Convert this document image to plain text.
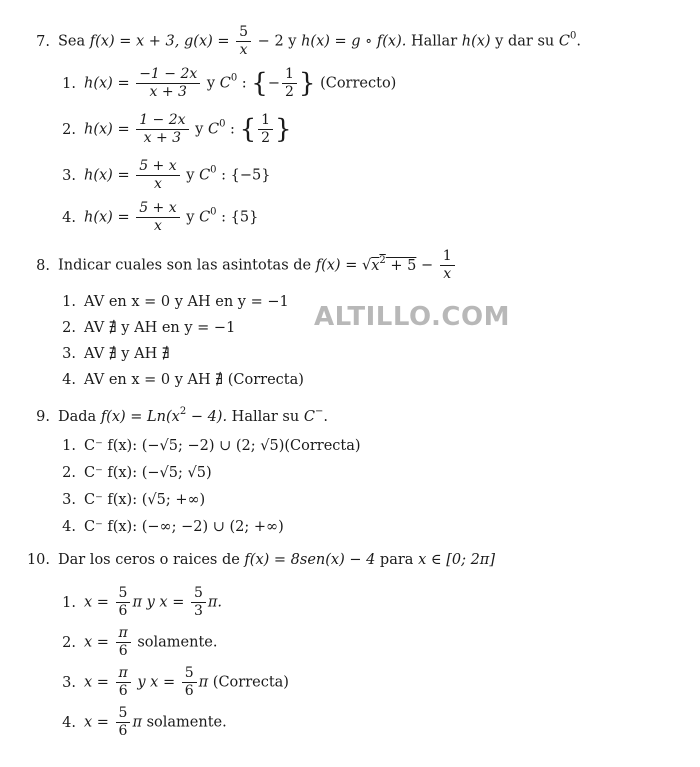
ALTILLO.COM
7. Sea f(x) = x + 3, $g(x) = \frac{5}{x} - 2$ y h(x) = g ∘ f(x). Hallar h(x) y dar su $C^0$.
1. $h(x) = \frac{-1 - 2x}{x + 3}$ y $C^0$ : {− $\frac{1}{2}$ } (Correcto)
2. $h(x) = \frac{1 - 2x}{x + 3}$ y $C^0$ : { $\frac{1}{2}$ }
3. $h(x) = \frac{5 + x}{x}$ y $C^0$ : {−5}
4. $h(x) = \frac{5 + x}{x}$ y $C^0$ : {5}
8. Indicar cuales son las asintotas de $f(x) = √x^2 + 5 - \frac{1}{x}$
1. AV en x = 0 y AH en y = −1
2. AV ∄ y AH en y = −1
3. AV ∄ y AH ∄
4. AV en x = 0 y AH ∄ (Correcta)
9. Dada $f(x) = Ln(x^2 - 4)$. Hallar su C−.
1. C⁻ f(x): (−√5; −2) ∪ (2; √5)(Correcta)
2. C⁻ f(x): (−√5; √5)
3. C⁻ f(x): (√5; +∞)
4. C⁻ f(x): (−∞; −2) ∪ (2; +∞)
10. Dar los ceros o raices de f(x) = 8sen(x) − 4 para x ∈ [0; 2π]
1. $x = \frac{5}{6}$ π y $x = \frac{5}{3} \pi$.
2. $x = \frac{\pi}{6}$ solamente.
3. $x = \frac{\pi}{6}$ y $x = \frac{5}{6}$ π (Correcta)
4. $x = \frac{5}{6}$ π solamente.
